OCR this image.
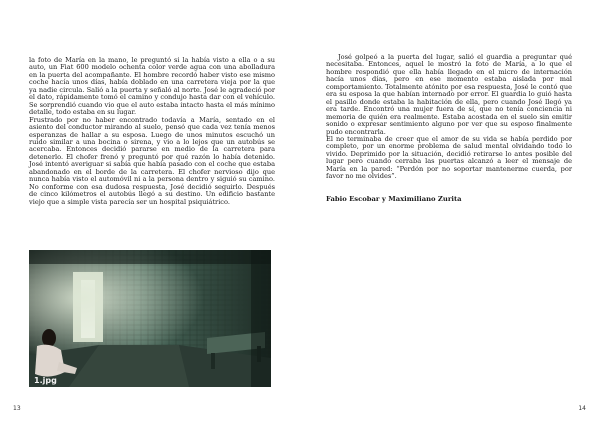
la foto de María en la mano, le preguntó si la había visto a ella o a su auto, un Fiat 600 modelo ochenta color verde agua con una abolladura en la puerta del acompañante. El hombre recordó haber visto ese mismo coche hacía unos días, había doblado en una carretera vieja por la que ya nadie circula. Salió a la puerta y señaló al norte. José le agradeció por el dato, rápidamente tomó el camino y condujo hasta dar con el vehículo. Se sorprendió cuando vio que el auto estaba intacto hasta el más mínimo detalle, todo estaba en su lugar.

Frustrado por no haber encontrado todavía a María, sentado en el asiento del conductor mirando al suelo, pensó que cada vez tenía menos esperanzas de hallar a su esposa. Luego de unos minutos escuchó un ruido similar a una bocina o sirena, y vio a lo lejos que un autobús se acercaba. Entonces decidió pararse en medio de la carretera para detenerlo. El chofer frenó y preguntó por qué razón lo había detenido. José intentó averiguar si sabía que había pasado con el coche que estaba abandonado en el borde de la carretera. El chofer nervioso dijo que nunca había visto el automóvil ni a la persona dentro y siguió su camino. No conforme con esa dudosa respuesta, José decidió seguirlo. Después de cinco kilómetros el autobús llegó a su destino. Un edificio bastante viejo que a simple vista parecía ser un hospital psiquiátrico.

1.jpg
13

José golpeó a la puerta del lugar, salió el guardia a preguntar qué necesitaba. Entonces, aquel le mostró la foto de María, a lo que el hombre respondió que ella había llegado en el micro de internación hacía unos días, pero en ese momento estaba aislada por mal comportamiento. Totalmente atónito por esa respuesta, José le contó que era su esposa la que habían internado por error. El guardia lo guió hasta el pasillo donde estaba la habitación de ella, pero cuando José llegó ya era tarde. Encontró una mujer fuera de sí, que no tenía conciencia ni memoria de quién era realmente. Estaba acostada en el suelo sin emitir sonido o expresar sentimiento alguno por ver que su esposo finalmente pudo encontrarla.

El no terminaba de creer que el amor de su vida se había perdido por completo, por un enorme problema de salud mental olvidando todo lo vivido. Deprimido por la situación, decidió retirarse lo antes posible del lugar pero cuando cerraba las puertas alcanzó a leer el mensaje de María en la pared: “Perdón por no soportar mantenerme cuerda, por favor no me olvides”.

Fabio Escobar y Maximiliano Zurita

14
